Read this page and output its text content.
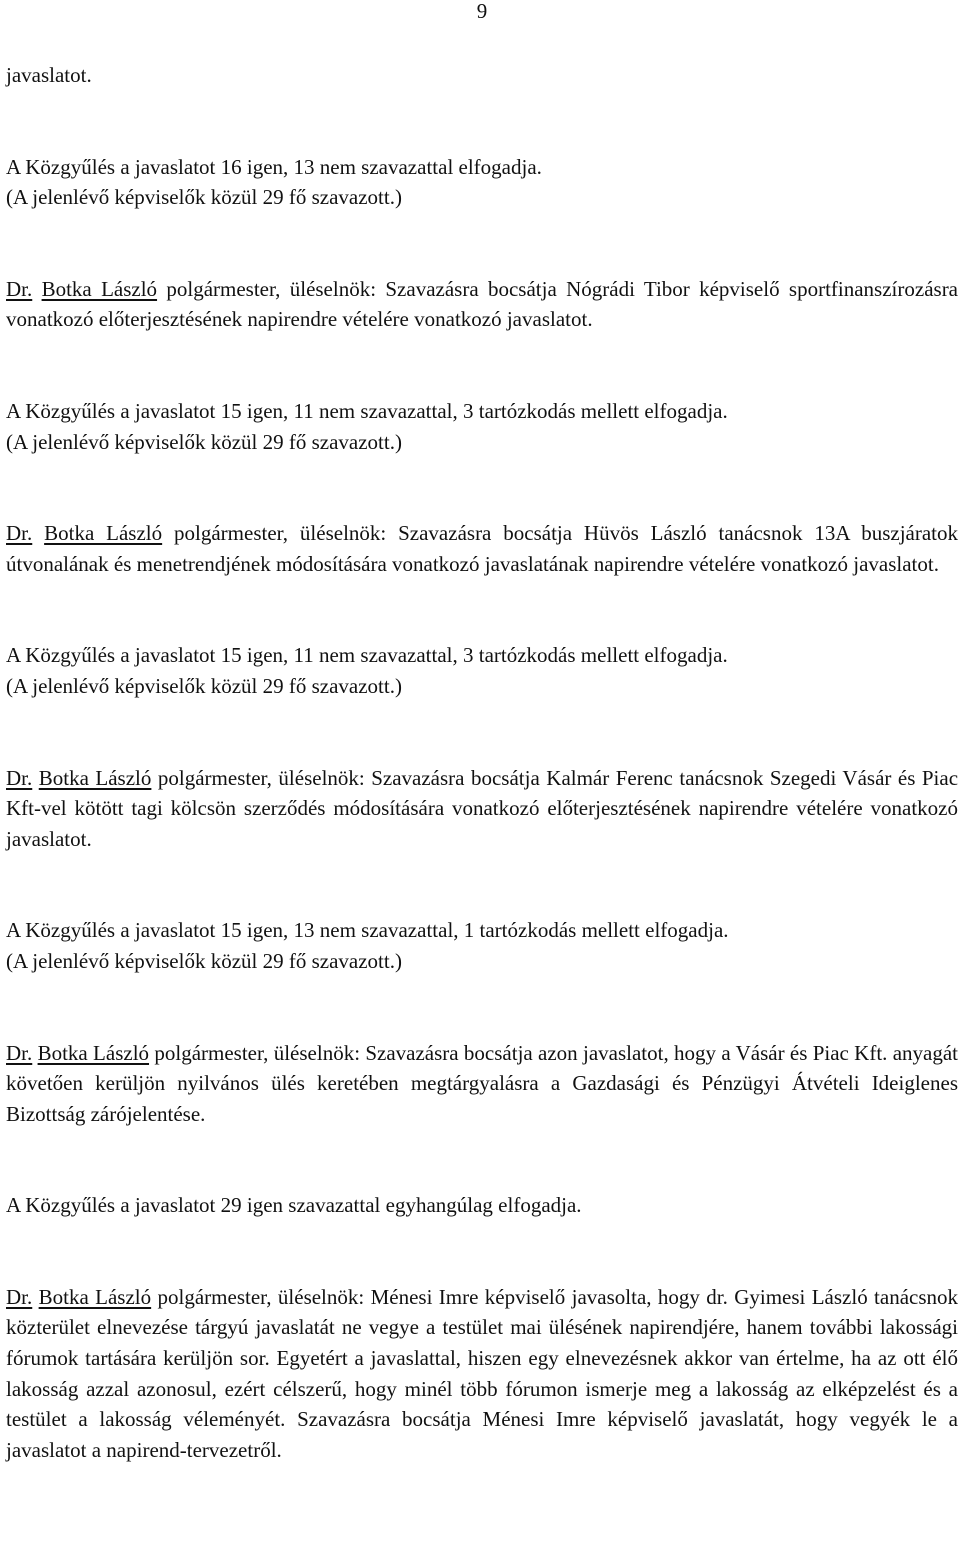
9

javaslatot.

A Közgyűlés a javaslatot 16 igen, 13 nem szavazattal elfogadja.
(A jelenlévő képviselők közül 29 fő szavazott.)

Dr. Botka László polgármester, üléselnök: Szavazásra bocsátja Nógrádi Tibor képviselő sportfinanszírozásra vonatkozó előterjesztésének napirendre vételére vonatkozó javaslatot.

A Közgyűlés a javaslatot 15 igen, 11 nem szavazattal, 3 tartózkodás mellett elfogadja.
(A jelenlévő képviselők közül 29 fő szavazott.)

Dr. Botka László polgármester, üléselnök: Szavazásra bocsátja Hüvös László tanácsnok 13A buszjáratok útvonalának és menetrendjének módosítására vonatkozó javaslatának napirendre vételére vonatkozó javaslatot.

A Közgyűlés a javaslatot 15 igen, 11 nem szavazattal, 3 tartózkodás mellett elfogadja.
(A jelenlévő képviselők közül 29 fő szavazott.)

Dr. Botka László polgármester, üléselnök: Szavazásra bocsátja Kalmár Ferenc tanácsnok Szegedi Vásár és Piac Kft-vel kötött tagi kölcsön szerződés módosítására vonatkozó előterjesztésének napirendre vételére vonatkozó javaslatot.

A Közgyűlés a javaslatot 15 igen, 13 nem szavazattal, 1 tartózkodás mellett elfogadja.
(A jelenlévő képviselők közül 29 fő szavazott.)

Dr. Botka László polgármester, üléselnök: Szavazásra bocsátja azon javaslatot, hogy a Vásár és Piac Kft. anyagát követően kerüljön nyilvános ülés keretében megtárgyalásra a Gazdasági és Pénzügyi Átvételi Ideiglenes Bizottság zárójelentése.

A Közgyűlés a javaslatot 29 igen szavazattal egyhangúlag elfogadja.

Dr. Botka László polgármester, üléselnök: Ménesi Imre képviselő javasolta, hogy dr. Gyimesi László tanácsnok közterület elnevezése tárgyú javaslatát ne vegye a testület mai ülésének napirendjére, hanem további lakossági fórumok tartására kerüljön sor. Egyetért a javaslattal, hiszen egy elnevezésnek akkor van értelme, ha az ott élő lakosság azzal azonosul, ezért célszerű, hogy minél több fórumon ismerje meg a lakosság az elképzelést és a testület a lakosság véleményét. Szavazásra bocsátja Ménesi Imre képviselő javaslatát, hogy vegyék le a javaslatot a napirend-tervezetről.
